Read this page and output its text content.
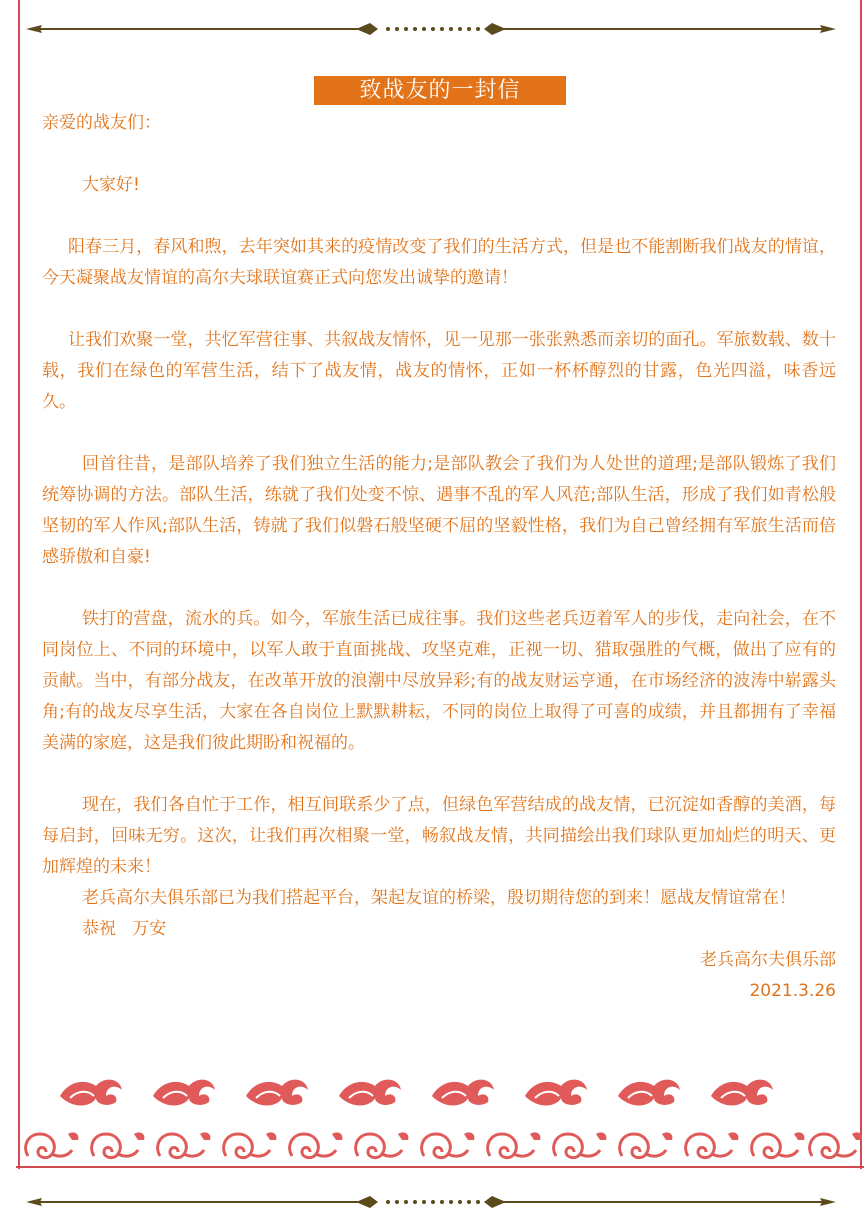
致战友的一封信

亲爱的战友们：

大家好!

阳春三月，春风和煦，去年突如其来的疫情改变了我们的生活方式，但是也不能割断我们战友的情谊，今天凝聚战友情谊的高尔夫球联谊赛正式向您发出诚挚的邀请！

让我们欢聚一堂，共忆军营往事、共叙战友情怀，见一见那一张张熟悉而亲切的面孔。军旅数载、数十载，我们在绿色的军营生活，结下了战友情，战友的情怀，正如一杯杯醇烈的甘露，色光四溢，味香远久。

回首往昔，是部队培养了我们独立生活的能力;是部队教会了我们为人处世的道理;是部队锻炼了我们统筹协调的方法。部队生活，练就了我们处变不惊、遇事不乱的军人风范;部队生活，形成了我们如青松般坚韧的军人作风;部队生活，铸就了我们似磐石般坚硬不屈的坚毅性格，我们为自己曾经拥有军旅生活而倍感骄傲和自豪!

铁打的营盘，流水的兵。如今，军旅生活已成往事。我们这些老兵迈着军人的步伐，走向社会，在不同岗位上、不同的环境中，以军人敢于直面挑战、攻坚克难，正视一切、猎取强胜的气概，做出了应有的贡献。当中，有部分战友，在改革开放的浪潮中尽放异彩;有的战友财运亨通，在市场经济的波涛中崭露头角;有的战友尽享生活，大家在各自岗位上默默耕耘，不同的岗位上取得了可喜的成绩，并且都拥有了幸福美满的家庭，这是我们彼此期盼和祝福的。

现在，我们各自忙于工作，相互间联系少了点，但绿色军营结成的战友情，已沉淀如香醇的美酒，每每启封，回味无穷。这次，让我们再次相聚一堂，畅叙战友情，共同描绘出我们球队更加灿烂的明天、更加辉煌的未来！

老兵高尔夫俱乐部已为我们搭起平台，架起友谊的桥梁，殷切期待您的到来！愿战友情谊常在！

恭祝   万安

老兵高尔夫俱乐部

2021.3.26
